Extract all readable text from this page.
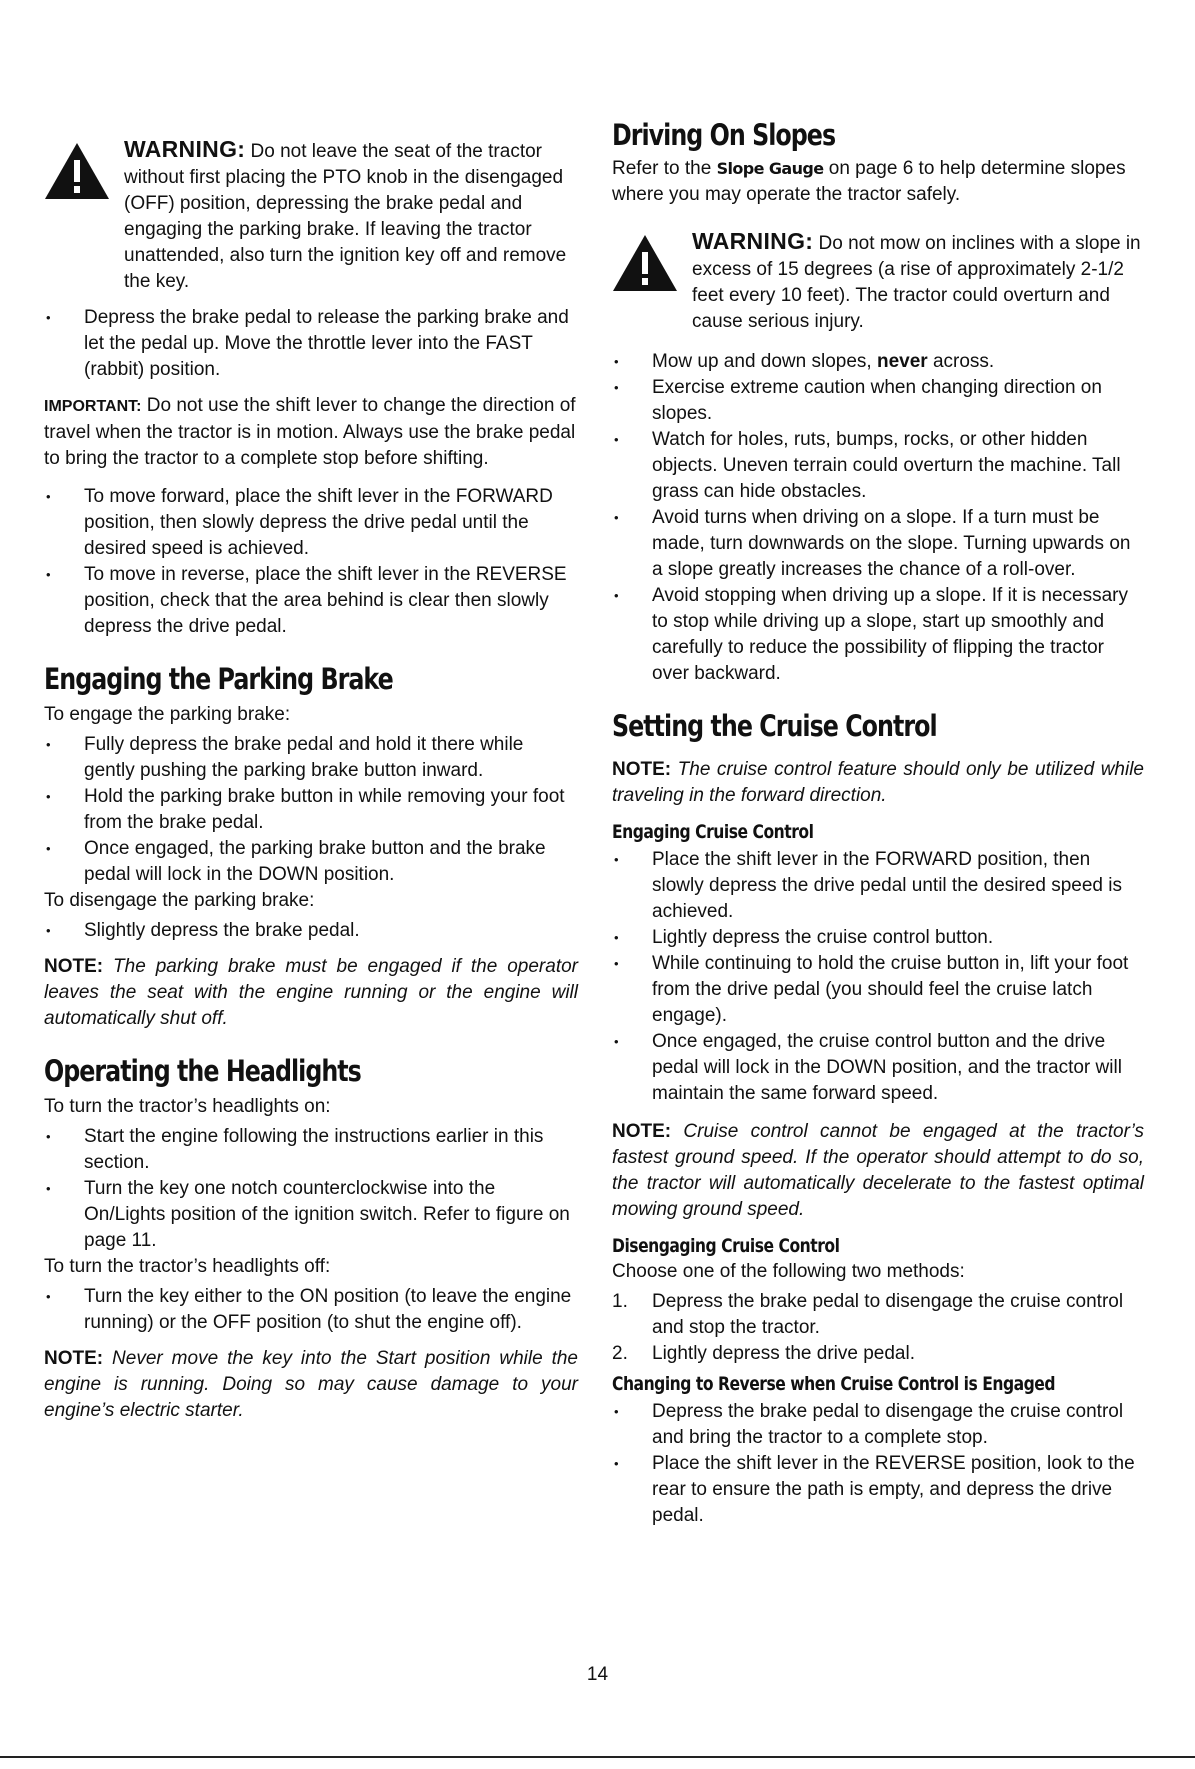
WARNING: Do not leave the seat of the tractor without first placing the PTO knob in the disengaged (OFF) position, depressing the brake pedal and engaging the parking brake. If leaving the tractor unattended, also turn the ignition key off and remove the key.

• Depress the brake pedal to release the parking brake and let the pedal up. Move the throttle lever into the FAST (rabbit) position.

IMPORTANT: Do not use the shift lever to change the direction of travel when the tractor is in motion. Always use the brake pedal to bring the tractor to a complete stop before shifting.

• To move forward, place the shift lever in the FORWARD position, then slowly depress the drive pedal until the desired speed is achieved.
• To move in reverse, place the shift lever in the REVERSE position, check that the area behind is clear then slowly depress the drive pedal.
Engaging the Parking Brake

To engage the parking brake:

• Fully depress the brake pedal and hold it there while gently pushing the parking brake button inward.
• Hold the parking brake button in while removing your foot from the brake pedal.
• Once engaged, the parking brake button and the brake pedal will lock in the DOWN position.

To disengage the parking brake:

• Slightly depress the brake pedal.

NOTE: The parking brake must be engaged if the operator leaves the seat with the engine running or the engine will automatically shut off.

Operating the Headlights

To turn the tractor’s headlights on:

• Start the engine following the instructions earlier in this section.
• Turn the key one notch counterclockwise into the On/Lights position of the ignition switch. Refer to figure on page 11.

To turn the tractor’s headlights off:

• Turn the key either to the ON position (to leave the engine running) or the OFF position (to shut the engine off).

NOTE: Never move the key into the Start position while the engine is running. Doing so may cause damage to your engine’s electric starter.

Driving On Slopes

Refer to the Slope Gauge on page 6 to help determine slopes where you may operate the tractor safely.

WARNING: Do not mow on inclines with a slope in excess of 15 degrees (a rise of approximately 2-1/2 feet every 10 feet). The tractor could overturn and cause serious injury.

• Mow up and down slopes, never across.
• Exercise extreme caution when changing direction on slopes.
• Watch for holes, ruts, bumps, rocks, or other hidden objects. Uneven terrain could overturn the machine. Tall grass can hide obstacles.
• Avoid turns when driving on a slope. If a turn must be made, turn downwards on the slope. Turning upwards on a slope greatly increases the chance of a roll-over.
• Avoid stopping when driving up a slope. If it is necessary to stop while driving up a slope, start up smoothly and carefully to reduce the possibility of flipping the tractor over backward.
Setting the Cruise Control

NOTE: The cruise control feature should only be utilized while traveling in the forward direction.

Engaging Cruise Control
• Place the shift lever in the FORWARD position, then slowly depress the drive pedal until the desired speed is achieved.
• Lightly depress the cruise control button.
• While continuing to hold the cruise button in, lift your foot from the drive pedal (you should feel the cruise latch engage).
• Once engaged, the cruise control button and the drive pedal will lock in the DOWN position, and the tractor will maintain the same forward speed.

NOTE: Cruise control cannot be engaged at the tractor’s fastest ground speed. If the operator should attempt to do so, the tractor will automatically decelerate to the fastest optimal mowing ground speed.

Disengaging Cruise Control

Choose one of the following two methods:

1. Depress the brake pedal to disengage the cruise control and stop the tractor.
2. Lightly depress the drive pedal.
Changing to Reverse when Cruise Control is Engaged
• Depress the brake pedal to disengage the cruise control and bring the tractor to a complete stop.
• Place the shift lever in the REVERSE position, look to the rear to ensure the path is empty, and depress the drive pedal.
14
